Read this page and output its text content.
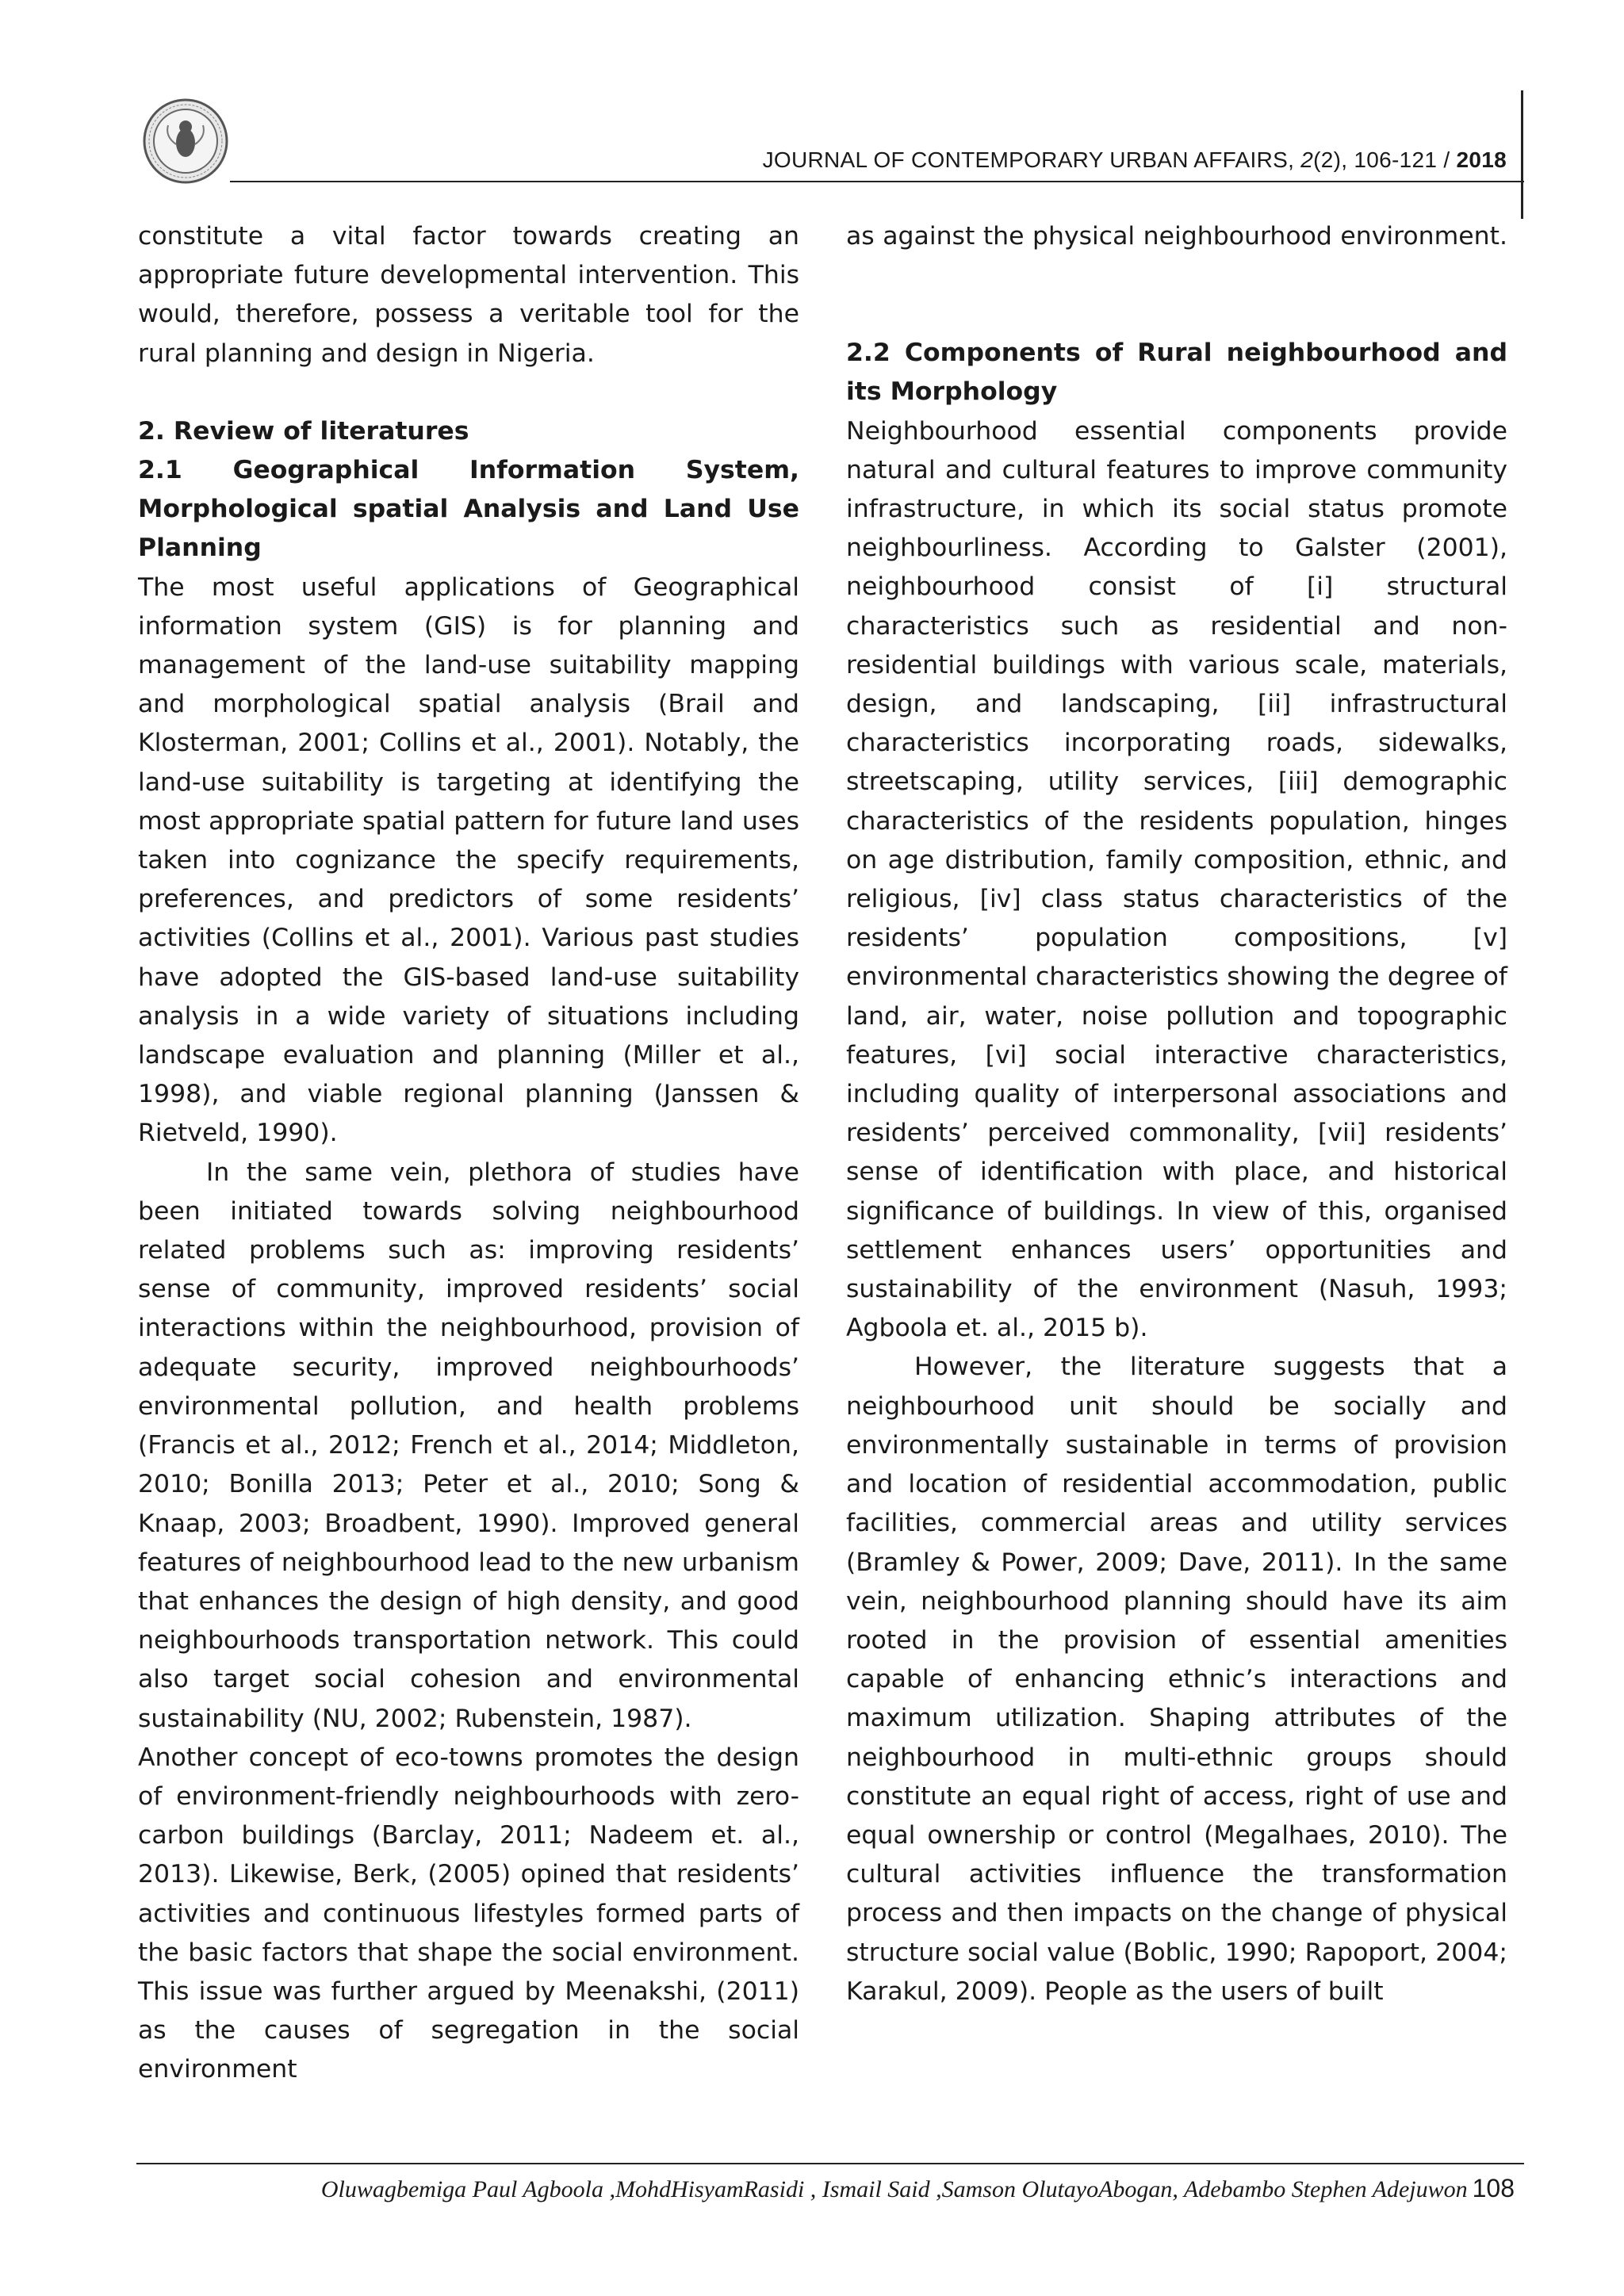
JOURNAL OF CONTEMPORARY URBAN AFFAIRS, 2(2), 106-121 / 2018

constitute a vital factor towards creating an appropriate future developmental intervention. This would, therefore, possess a veritable tool for the rural planning and design in Nigeria.

2. Review of literatures

2.1 Geographical Information System, Morphological spatial Analysis and Land Use Planning

The most useful applications of Geographical information system (GIS) is for planning and management of the land-use suitability mapping and morphological spatial analysis (Brail and Klosterman, 2001; Collins et al., 2001). Notably, the land-use suitability is targeting at identifying the most appropriate spatial pattern for future land uses taken into cognizance the specify requirements, preferences, and predictors of some residents’ activities (Collins et al., 2001). Various past studies have adopted the GIS-based land-use suitability analysis in a wide variety of situations including landscape evaluation and planning (Miller et al., 1998), and viable regional planning (Janssen & Rietveld, 1990).

In the same vein, plethora of studies have been initiated towards solving neighbourhood related problems such as: improving residents’ sense of community, improved residents’ social interactions within the neighbourhood, provision of adequate security, improved neighbourhoods’ environmental pollution, and health problems (Francis et al., 2012; French et al., 2014; Middleton, 2010; Bonilla 2013; Peter et al., 2010; Song & Knaap, 2003; Broadbent, 1990). Improved general features of neighbourhood lead to the new urbanism that enhances the design of high density, and good neighbourhoods transportation network. This could also target social cohesion and environmental sustainability (NU, 2002; Rubenstein, 1987).

Another concept of eco-towns promotes the design of environment-friendly neighbourhoods with zero-carbon buildings (Barclay, 2011; Nadeem et. al., 2013). Likewise, Berk, (2005) opined that residents’ activities and continuous lifestyles formed parts of the basic factors that shape the social environment. This issue was further argued by Meenakshi, (2011) as the causes of segregation in the social environment

as against the physical neighbourhood environment.

2.2 Components of Rural neighbourhood and its Morphology

Neighbourhood essential components provide natural and cultural features to improve community infrastructure, in which its social status promote neighbourliness. According to Galster (2001), neighbourhood consist of [i] structural characteristics such as residential and non-residential buildings with various scale, materials, design, and landscaping, [ii] infrastructural characteristics incorporating roads, sidewalks, streetscaping, utility services, [iii] demographic characteristics of the residents population, hinges on age distribution, family composition, ethnic, and religious, [iv] class status characteristics of the residents’ population compositions, [v] environmental characteristics showing the degree of land, air, water, noise pollution and topographic features, [vi] social interactive characteristics, including quality of interpersonal associations and residents’ perceived commonality, [vii] residents’ sense of identification with place, and historical significance of buildings. In view of this, organised settlement enhances users’ opportunities and sustainability of the environment (Nasuh, 1993; Agboola et. al., 2015 b).

However, the literature suggests that a neighbourhood unit should be socially and environmentally sustainable in terms of provision and location of residential accommodation, public facilities, commercial areas and utility services (Bramley & Power, 2009; Dave, 2011). In the same vein, neighbourhood planning should have its aim rooted in the provision of essential amenities capable of enhancing ethnic’s interactions and maximum utilization. Shaping attributes of the neighbourhood in multi-ethnic groups should constitute an equal right of access, right of use and equal ownership or control (Megalhaes, 2010). The cultural activities influence the transformation process and then impacts on the change of physical structure social value (Boblic, 1990; Rapoport, 2004; Karakul, 2009). People as the users of built

Oluwagbemiga Paul Agboola ,MohdHisyamRasidi , Ismail Said ,Samson OlutayoAbogan, Adebambo Stephen Adejuwon 108
